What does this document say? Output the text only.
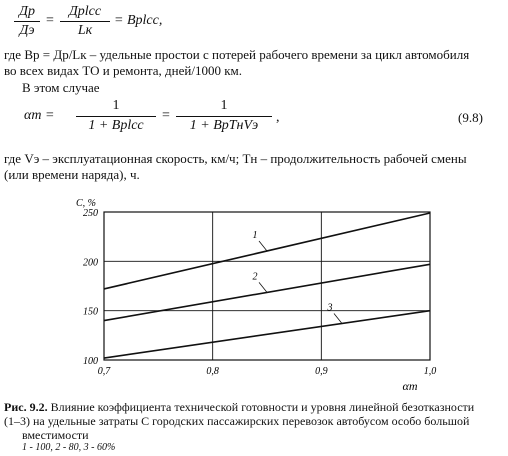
Др
Дэ
=
Дрlcc
Lк
= Врlcc,
где Вр = Др/Lк – удельные простои с потерей рабочего времени за цикл автомобиля
во всех видах ТО и ремонта, дней/1000 км.
В этом случае
αт =
1
1 + Врlcc
=
1
1 + ВрТнVэ
,	(9.8)
где Vэ – эксплуатационная скорость, км/ч; Тн – продолжительность рабочей смены
(или времени наряда), ч.
100
150
200
250
0,7	0,8	0,9	1,0
С, %
αт
1
2
3
Рис. 9.2. Влияние коэффициента технической готовности и уровня линейной безотказности
(1–3) на удельные затраты С городских пассажирских перевозок автобусом особо большой
вместимости
1 - 100, 2 - 80, 3 - 60%
